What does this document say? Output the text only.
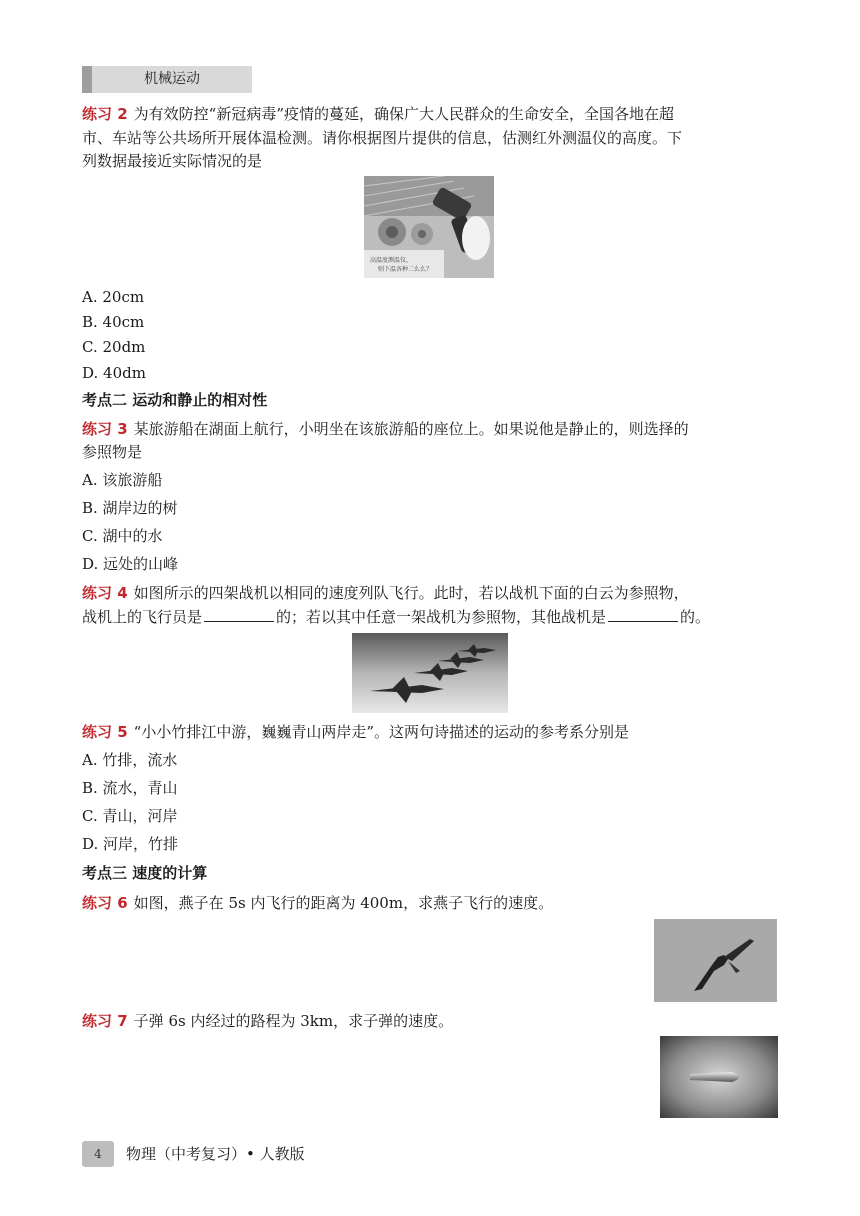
机械运动
练习 2 为有效防控“新冠病毒”疫情的蔓延，确保广大人民群众的生命安全，全国各地在超
市、车站等公共场所开展体温检测。请你根据图片提供的信息，估测红外测温仪的高度。下
列数据最接近实际情况的是
高温度测温仪，
则下温各种二么么？
A. 20cm
B. 40cm
C. 20dm
D. 40dm
考点二 运动和静止的相对性
练习 3 某旅游船在湖面上航行，小明坐在该旅游船的座位上。如果说他是静止的，则选择的
参照物是
A. 该旅游船
B. 湖岸边的树
C. 湖中的水
D. 远处的山峰
练习 4 如图所示的四架战机以相同的速度列队飞行。此时，若以战机下面的白云为参照物，
战机上的飞行员是	的；若以其中任意一架战机为参照物，其他战机是	的。
练习 5 “小小竹排江中游，巍巍青山两岸走”。这两句诗描述的运动的参考系分别是
A. 竹排，流水
B. 流水，青山
C. 青山，河岸
D. 河岸，竹排
考点三 速度的计算
练习 6 如图，燕子在 5s 内飞行的距离为 400m，求燕子飞行的速度。
练习 7 子弹 6s 内经过的路程为 3km，求子弹的速度。
4	物理（中考复习）• 人教版
